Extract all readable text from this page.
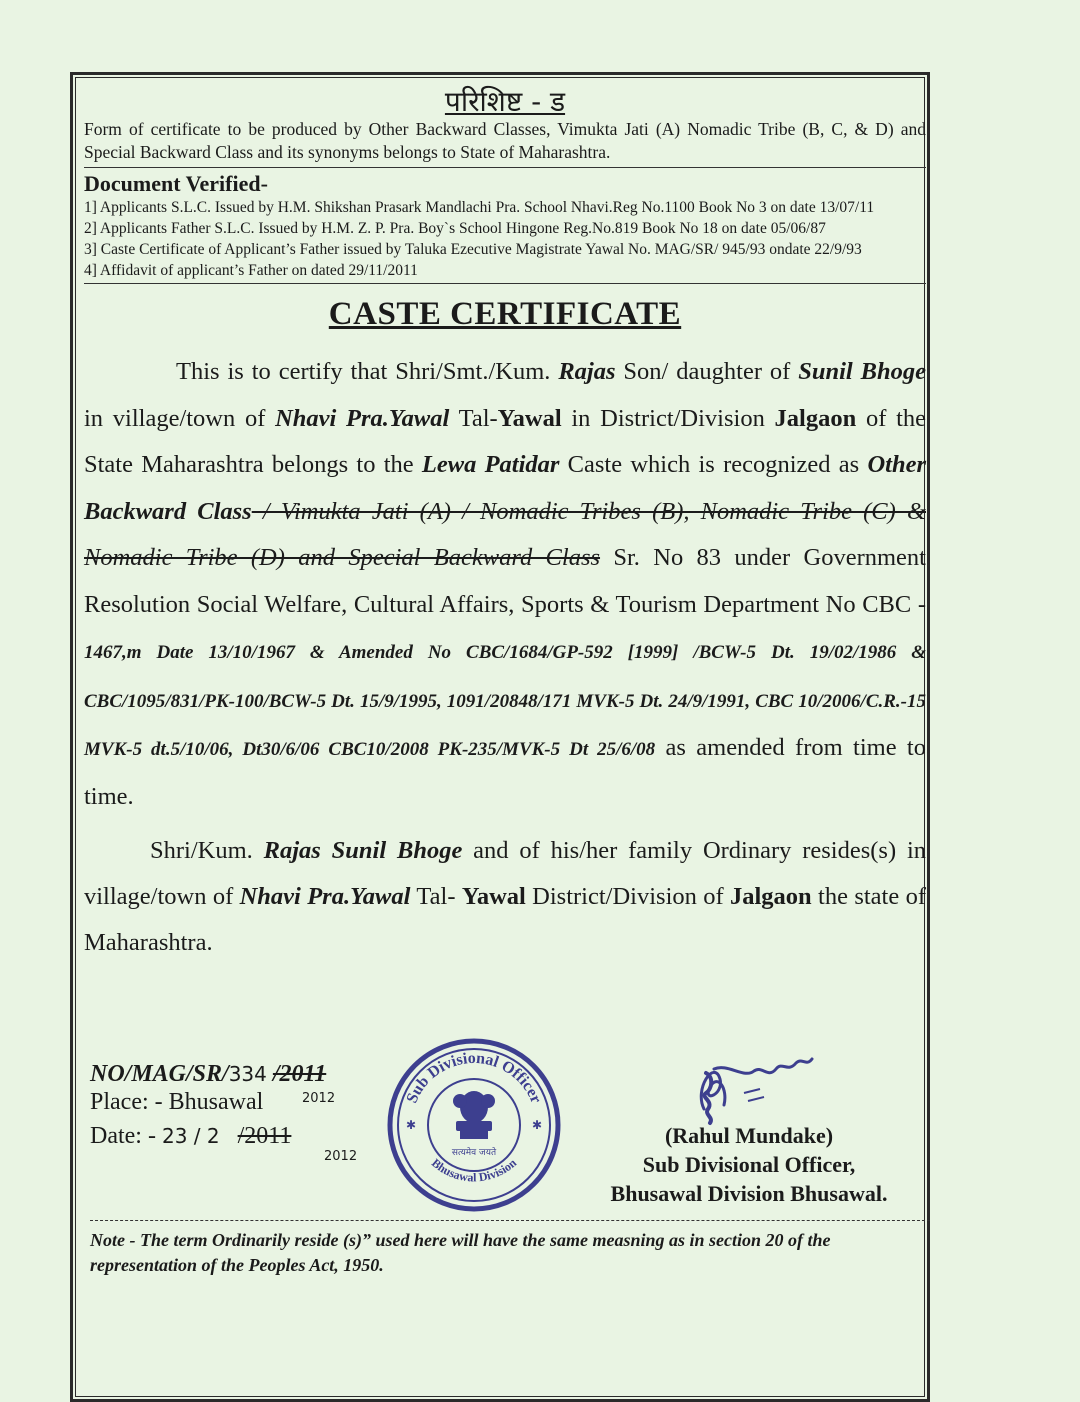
परिशिष्ट - ड
Form of certificate to be produced by Other Backward Classes, Vimukta Jati (A) Nomadic Tribe (B, C, & D) and Special Backward Class and its synonyms belongs to State of Maharashtra.
Document Verified-
1] Applicants S.L.C. Issued by H.M. Shikshan Prasark Mandlachi Pra. School Nhavi.Reg No.1100 Book No 3 on date 13/07/11
2] Applicants Father S.L.C. Issued by H.M. Z. P. Pra. Boy`s School Hingone Reg.No.819 Book No 18 on date 05/06/87
3] Caste Certificate of Applicant’s Father issued by Taluka Ezecutive Magistrate Yawal No. MAG/SR/ 945/93 ondate 22/9/93
4] Affidavit of applicant’s Father on dated 29/11/2011
CASTE CERTIFICATE
This is to certify that Shri/Smt./Kum. Rajas Son/ daughter of Sunil Bhoge in village/town of Nhavi Pra.Yawal Tal-Yawal in District/Division Jalgaon of the State Maharashtra belongs to the Lewa Patidar Caste which is recognized as Other Backward Class / Vimukta Jati (A) / Nomadic Tribes (B), Nomadic Tribe (C) & Nomadic Tribe (D) and Special Backward Class Sr. No 83 under Government Resolution Social Welfare, Cultural Affairs, Sports & Tourism Department No CBC - 1467,m Date 13/10/1967 & Amended No CBC/1684/GP-592 [1999] /BCW-5 Dt. 19/02/1986 & CBC/1095/831/PK-100/BCW-5 Dt. 15/9/1995, 1091/20848/171 MVK-5 Dt. 24/9/1991, CBC 10/2006/C.R.-15 MVK-5 dt.5/10/06, Dt30/6/06 CBC10/2008 PK-235/MVK-5 Dt 25/6/08 as amended from time to time.
Shri/Kum. Rajas Sunil Bhoge and of his/her family Ordinary resides(s) in village/town of Nhavi Pra.Yawal Tal- Yawal District/Division of Jalgaon the state of Maharashtra.
NO/MAG/SR/334 /2011
2012
Place: - Bhusawal
Date: - 23 / 2 /2011
2012
Sub Divisional Officer
Bhusawal Division
सत्यमेव जयते
✱	✱	(Rahul Mundake)
Sub Divisional Officer,
Bhusawal Division Bhusawal.
Note - The term Ordinarily reside (s)” used here will have the same measning as in section 20 of the representation of the Peoples Act, 1950.
